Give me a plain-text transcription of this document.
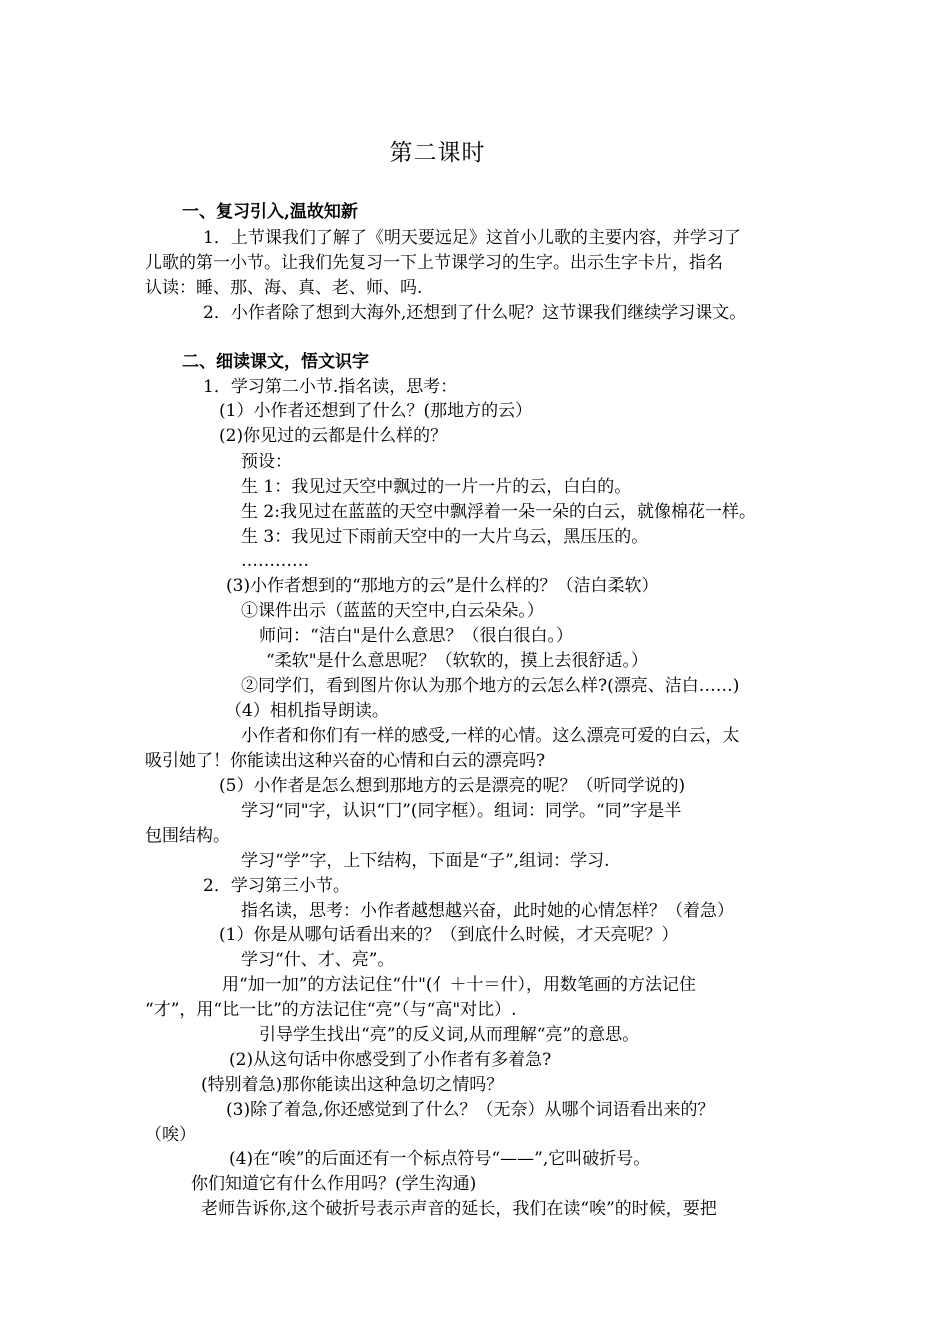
第二课时

一、复习引入,温故知新

1．上节课我们了解了《明天要远足》这首小儿歌的主要内容，并学习了

儿歌的第一小节。让我们先复习一下上节课学习的生字。出示生字卡片，指名

认读：睡、那、海、真、老、师、吗.

2．小作者除了想到大海外,还想到了什么呢？这节课我们继续学习课文。

二、细读课文，悟文识字

1．学习第二小节.指名读，思考：

(1）小作者还想到了什么？(那地方的云）

(2)你见过的云都是什么样的？

预设：

生 1：我见过天空中飘过的一片一片的云，白白的。

生 2:我见过在蓝蓝的天空中飘浮着一朵一朵的白云，就像棉花一样。

生 3：我见过下雨前天空中的一大片乌云，黑压压的。

…………

(3)小作者想到的“那地方的云”是什么样的？（洁白柔软）

①课件出示（蓝蓝的天空中,白云朵朵。）

师问：“洁白"是什么意思？（很白很白。）

“柔软"是什么意思呢？（软软的，摸上去很舒适。）

②同学们，看到图片你认为那个地方的云怎么样?(漂亮、洁白……)

（4）相机指导朗读。

小作者和你们有一样的感受,一样的心情。这么漂亮可爱的白云，太

吸引她了！你能读出这种兴奋的心情和白云的漂亮吗?

(5）小作者是怎么想到那地方的云是漂亮的呢？（听同学说的)

学习“同"字，认识“冂”(同字框）。组词：同学。“同”字是半

包围结构。

学习“学”字，上下结构，下面是“子”,组词：学习.

2．学习第三小节。

指名读，思考：小作者越想越兴奋，此时她的心情怎样？（着急）

(1）你是从哪句话看出来的？（到底什么时候，才天亮呢？）

学习“什、才、亮”。

用“加一加”的方法记住“什"(亻＋十＝什），用数笔画的方法记住

“才”，用“比一比”的方法记住“亮”（与“高"对比）.

引导学生找出“亮”的反义词,从而理解“亮”的意思。

(2)从这句话中你感受到了小作者有多着急?

(特别着急)那你能读出这种急切之情吗？

(3)除了着急,你还感觉到了什么？（无奈）从哪个词语看出来的？

（唉）

(4)在“唉”的后面还有一个标点符号“——”,它叫破折号。

你们知道它有什么作用吗？(学生沟通)

老师告诉你,这个破折号表示声音的延长，我们在读“唉”的时候，要把
